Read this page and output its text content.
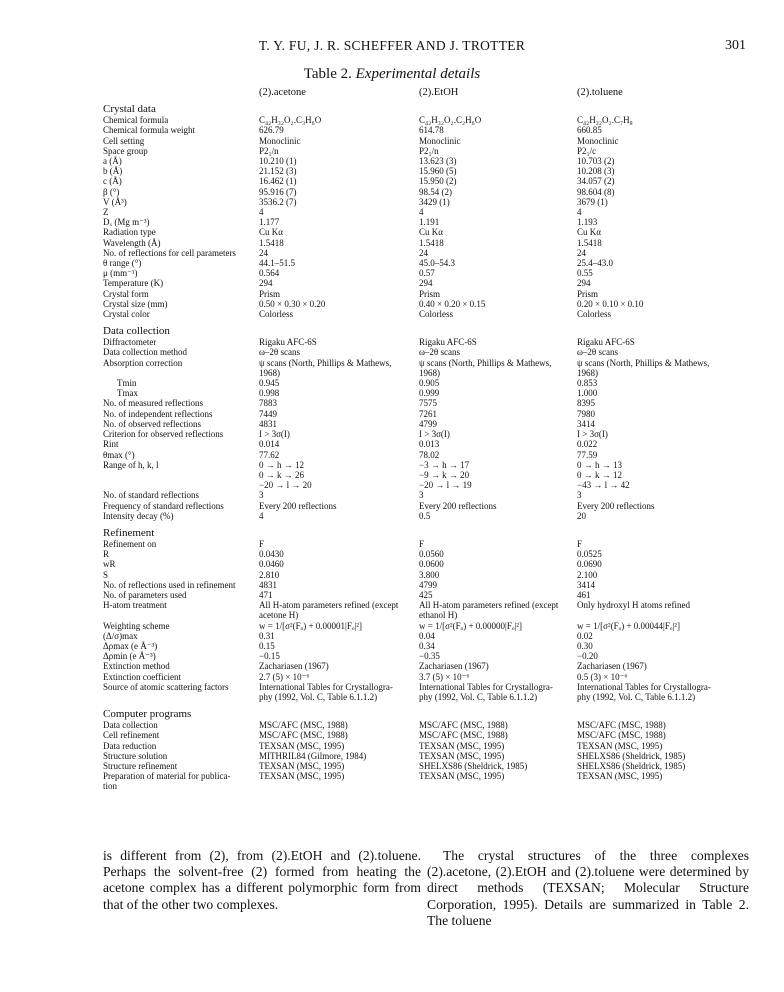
T. Y. FU, J. R. SCHEFFER AND J. TROTTER	301
Table 2. Experimental details
	(2).acetone	(2).EtOH	(2).toluene
Crystal data			
Chemical formula	C₄₂H₃₂O₂.C₃H₆O	C₄₂H₃₂O₂.C₂H₆O	C₄₂H₃₂O₂.C₇H₈
Chemical formula weight	626.79	614.78	660.85
Cell setting	Monoclinic	Monoclinic	Monoclinic
Space group	P2₁/n	P2₁/n	P2₁/c
a (Å)	10.210 (1)	13.623 (3)	10.703 (2)
b (Å)	21.152 (3)	15.960 (5)	10.208 (3)
c (Å)	16.462 (1)	15.950 (2)	34.057 (2)
β (°)	95.916 (7)	98.54 (2)	98.604 (8)
V (Å³)	3536.2 (7)	3429 (1)	3679 (1)
Z	4	4	4
Dₓ (Mg m⁻³)	1.177	1.191	1.193
Radiation type	Cu Kα	Cu Kα	Cu Kα
Wavelength (Å)	1.5418	1.5418	1.5418
No. of reflections for cell parameters	24	24	24
θ range (°)	44.1–51.5	45.0–54.3	25.4–43.0
μ (mm⁻¹)	0.564	0.57	0.55
Temperature (K)	294	294	294
Crystal form	Prism	Prism	Prism
Crystal size (mm)	0.50 × 0.30 × 0.20	0.40 × 0.20 × 0.15	0.20 × 0.10 × 0.10
Crystal color	Colorless	Colorless	Colorless
Data collection			
Diffractometer	Rigaku AFC-6S	Rigaku AFC-6S	Rigaku AFC-6S
Data collection method	ω–2θ scans	ω–2θ scans	ω–2θ scans
Absorption correction	ψ scans (North, Phillips & Mathews,	ψ scans (North, Phillips & Mathews,	ψ scans (North, Phillips & Mathews,
	1968)	1968)	1968)
Tmin	0.945	0.905	0.853
Tmax	0.998	0.999	1.000
No. of measured reflections	7883	7575	8395
No. of independent reflections	7449	7261	7980
No. of observed reflections	4831	4799	3414
Criterion for observed reflections	I > 3σ(I)	I > 3σ(I)	I > 3σ(I)
Rint	0.014	0.013	0.022
θmax (°)	77.62	78.02	77.59
Range of h, k, l	0 → h → 12	−3 → h → 17	0 → h → 13
	0 → k → 26	−9 → k → 20	0 → k → 12
	−20 → l → 20	−20 → l → 19	−43 → l → 42
No. of standard reflections	3	3	3
Frequency of standard reflections	Every 200 reflections	Every 200 reflections	Every 200 reflections
Intensity decay (%)	4	0.5	20
Refinement			
Refinement on	F	F	F
R	0.0430	0.0560	0.0525
wR	0.0460	0.0600	0.0690
S	2.810	3.800	2.100
No. of reflections used in refinement	4831	4799	3414
No. of parameters used	471	425	461
H-atom treatment	All H-atom parameters refined (except	All H-atom parameters refined (except	Only hydroxyl H atoms refined
	acetone H)	ethanol H)	
Weighting scheme	w = 1/[σ²(Fₒ) + 0.00001|Fₒ|²]	w = 1/[σ²(Fₒ) + 0.00000|Fₒ|²]	w = 1/[σ²(Fₒ) + 0.00044|Fₒ|²]
(Δ/σ)max	0.31	0.04	0.02
Δρmax (e Å⁻³)	0.15	0.34	0.30
Δρmin (e Å⁻³)	−0.15	−0.35	−0.20
Extinction method	Zachariasen (1967)	Zachariasen (1967)	Zachariasen (1967)
Extinction coefficient	2.7 (5) × 10⁻⁶	3.7 (5) × 10⁻⁶	0.5 (3) × 10⁻⁶
Source of atomic scattering factors	International Tables for Crystallogra-	International Tables for Crystallogra-	International Tables for Crystallogra-
	phy (1992, Vol. C, Table 6.1.1.2)	phy (1992, Vol. C, Table 6.1.1.2)	phy (1992, Vol. C, Table 6.1.1.2)
Computer programs			
Data collection	MSC/AFC (MSC, 1988)	MSC/AFC (MSC, 1988)	MSC/AFC (MSC, 1988)
Cell refinement	MSC/AFC (MSC, 1988)	MSC/AFC (MSC, 1988)	MSC/AFC (MSC, 1988)
Data reduction	TEXSAN (MSC, 1995)	TEXSAN (MSC, 1995)	TEXSAN (MSC, 1995)
Structure solution	MITHRIL84 (Gilmore, 1984)	TEXSAN (MSC, 1995)	SHELXS86 (Sheldrick, 1985)
Structure refinement	TEXSAN (MSC, 1995)	SHELXS86 (Sheldrick, 1985)	SHELXS86 (Sheldrick, 1985)
Preparation of material for publica-	TEXSAN (MSC, 1995)	TEXSAN (MSC, 1995)	TEXSAN (MSC, 1995)
tion			

is different from (2), from (2).EtOH and (2).toluene. Perhaps the solvent-free (2) formed from heating the acetone complex has a different polymorphic form from that of the other two complexes.

The crystal structures of the three complexes (2).acetone, (2).EtOH and (2).toluene were determined by direct methods (TEXSAN; Molecular Structure Corporation, 1995). Details are summarized in Table 2. The toluene
